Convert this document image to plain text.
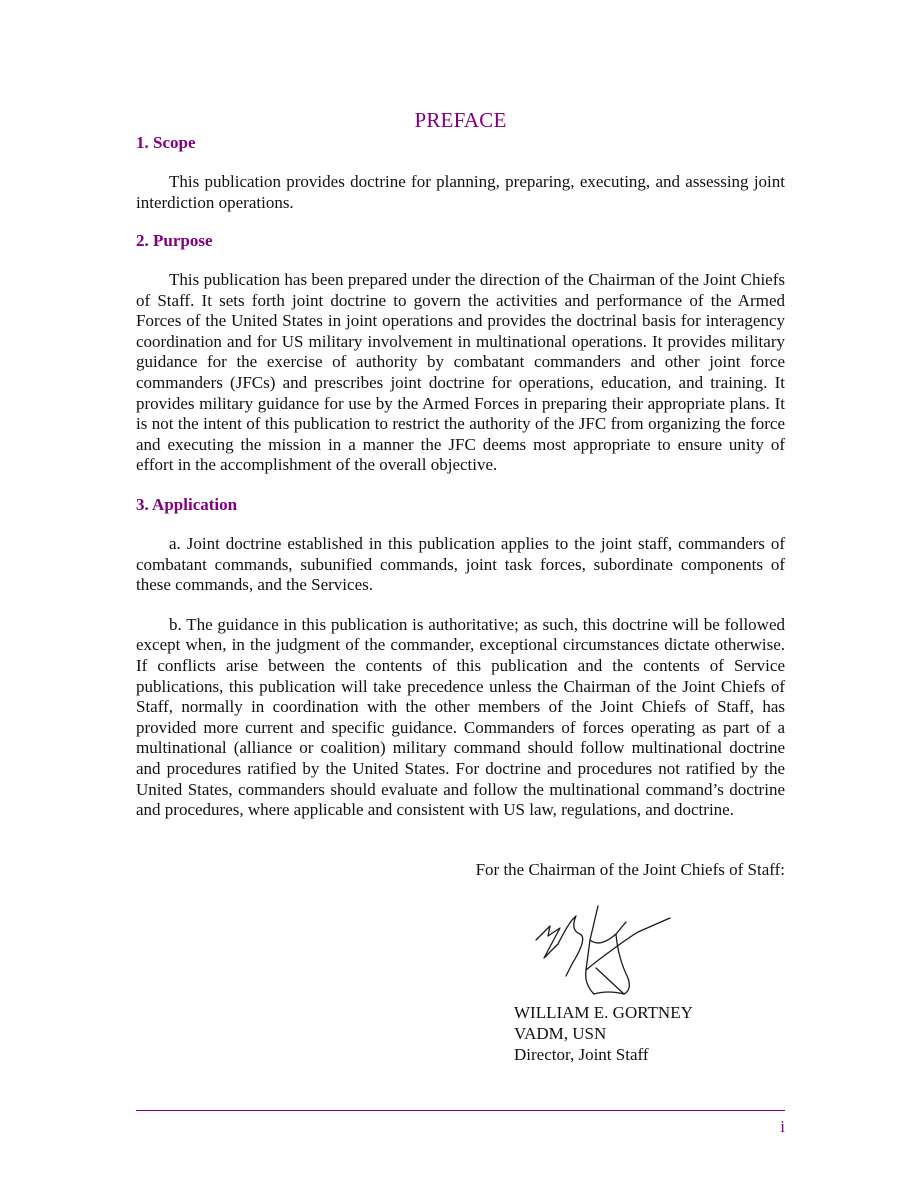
PREFACE

1. Scope

This publication provides doctrine for planning, preparing, executing, and assessing joint interdiction operations.

2. Purpose

This publication has been prepared under the direction of the Chairman of the Joint Chiefs of Staff. It sets forth joint doctrine to govern the activities and performance of the Armed Forces of the United States in joint operations and provides the doctrinal basis for interagency coordination and for US military involvement in multinational operations. It provides military guidance for the exercise of authority by combatant commanders and other joint force commanders (JFCs) and prescribes joint doctrine for operations, education, and training. It provides military guidance for use by the Armed Forces in preparing their appropriate plans. It is not the intent of this publication to restrict the authority of the JFC from organizing the force and executing the mission in a manner the JFC deems most appropriate to ensure unity of effort in the accomplishment of the overall objective.

3. Application

a. Joint doctrine established in this publication applies to the joint staff, commanders of combatant commands, subunified commands, joint task forces, subordinate components of these commands, and the Services.

b. The guidance in this publication is authoritative; as such, this doctrine will be followed except when, in the judgment of the commander, exceptional circumstances dictate otherwise. If conflicts arise between the contents of this publication and the contents of Service publications, this publication will take precedence unless the Chairman of the Joint Chiefs of Staff, normally in coordination with the other members of the Joint Chiefs of Staff, has provided more current and specific guidance. Commanders of forces operating as part of a multinational (alliance or coalition) military command should follow multinational doctrine and procedures ratified by the United States. For doctrine and procedures not ratified by the United States, commanders should evaluate and follow the multinational command’s doctrine and procedures, where applicable and consistent with US law, regulations, and doctrine.

For the Chairman of the Joint Chiefs of Staff:
WILLIAM E. GORTNEY
VADM, USN
Director, Joint Staff
i
